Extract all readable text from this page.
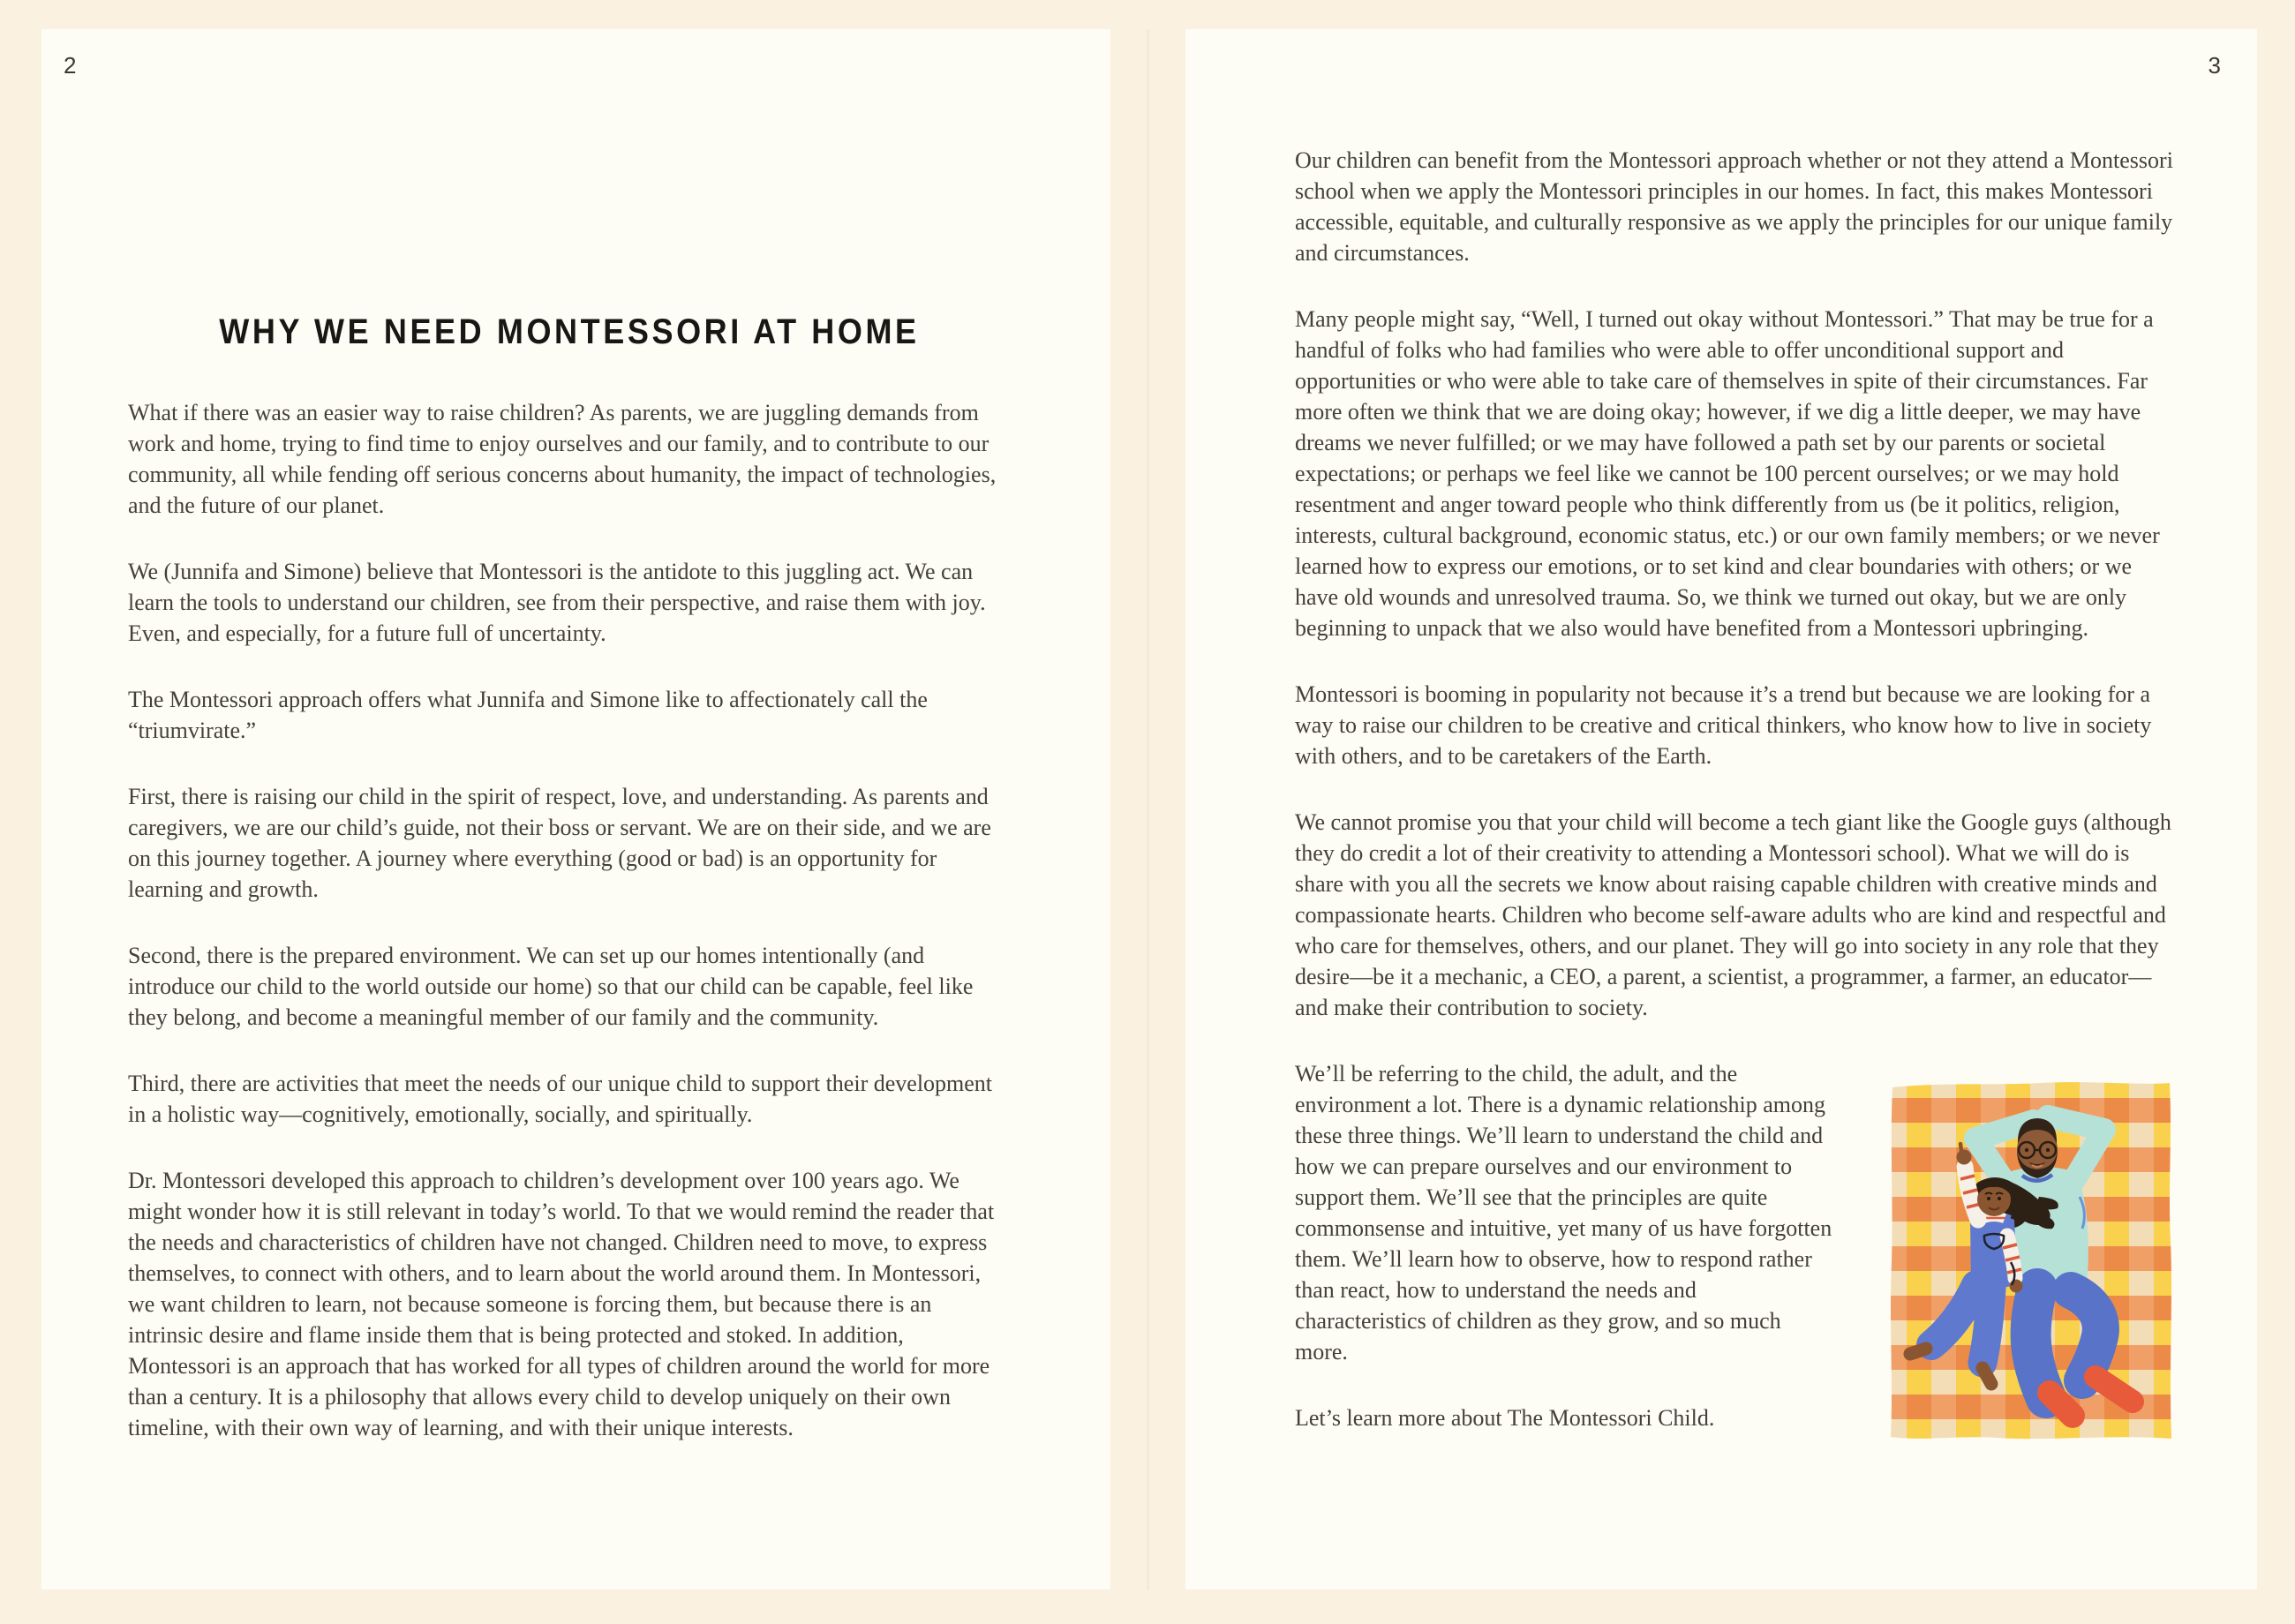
2
WHY WE NEED MONTESSORI AT HOME

What if there was an easier way to raise children? As parents, we are juggling demands from work and home, trying to find time to enjoy ourselves and our family, and to contribute to our community, all while fending off serious concerns about humanity, the impact of technologies, and the future of our planet.

We (Junnifa and Simone) believe that Montessori is the antidote to this juggling act. We can learn the tools to understand our children, see from their perspective, and raise them with joy. Even, and especially, for a future full of uncertainty.

The Montessori approach offers what Junnifa and Simone like to affectionately call the “triumvirate.”

First, there is raising our child in the spirit of respect, love, and understanding. As parents and caregivers, we are our child’s guide, not their boss or servant. We are on their side, and we are on this journey together. A journey where everything (good or bad) is an opportunity for learning and growth.

Second, there is the prepared environment. We can set up our homes intentionally (and introduce our child to the world outside our home) so that our child can be capable, feel like they belong, and become a meaningful member of our family and the community.

Third, there are activities that meet the needs of our unique child to support their development in a holistic way—cognitively, emotionally, socially, and spiritually.

Dr. Montessori developed this approach to children’s development over 100 years ago. We might wonder how it is still relevant in today’s world. To that we would remind the reader that the needs and characteristics of children have not changed. Children need to move, to express themselves, to connect with others, and to learn about the world around them. In Montessori, we want children to learn, not because someone is forcing them, but because there is an intrinsic desire and flame inside them that is being protected and stoked. In addition, Montessori is an approach that has worked for all types of children around the world for more than a century. It is a philosophy that allows every child to develop uniquely on their own timeline, with their own way of learning, and with their unique interests.

3

Our children can benefit from the Montessori approach whether or not they attend a Montessori school when we apply the Montessori principles in our homes. In fact, this makes Montessori accessible, equitable, and culturally responsive as we apply the principles for our unique family and circumstances.

Many people might say, “Well, I turned out okay without Montessori.” That may be true for a handful of folks who had families who were able to offer unconditional support and opportunities or who were able to take care of themselves in spite of their circumstances. Far more often we think that we are doing okay; however, if we dig a little deeper, we may have dreams we never fulfilled; or we may have followed a path set by our parents or societal expectations; or perhaps we feel like we cannot be 100 percent ourselves; or we may hold resentment and anger toward people who think differently from us (be it politics, religion, interests, cultural background, economic status, etc.) or our own family members; or we never learned how to express our emotions, or to set kind and clear boundaries with others; or we have old wounds and unresolved trauma. So, we think we turned out okay, but we are only beginning to unpack that we also would have benefited from a Montessori upbringing.

Montessori is booming in popularity not because it’s a trend but because we are looking for a way to raise our children to be creative and critical thinkers, who know how to live in society with others, and to be caretakers of the Earth.

We cannot promise you that your child will become a tech giant like the Google guys (although they do credit a lot of their creativity to attending a Montessori school). What we will do is share with you all the secrets we know about raising capable children with creative minds and compassionate hearts. Children who become self-aware adults who are kind and respectful and who care for themselves, others, and our planet. They will go into society in any role that they desire—be it a mechanic, a CEO, a parent, a scientist, a programmer, a farmer, an educator—and make their contribution to society.

We’ll be referring to the child, the adult, and the environment a lot. There is a dynamic relationship among these three things. We’ll learn to understand the child and how we can prepare ourselves and our environment to support them. We’ll see that the principles are quite commonsense and intuitive, yet many of us have forgotten them. We’ll learn how to observe, how to respond rather than react, how to understand the needs and characteristics of children as they grow, and so much more.

Let’s learn more about The Montessori Child.
